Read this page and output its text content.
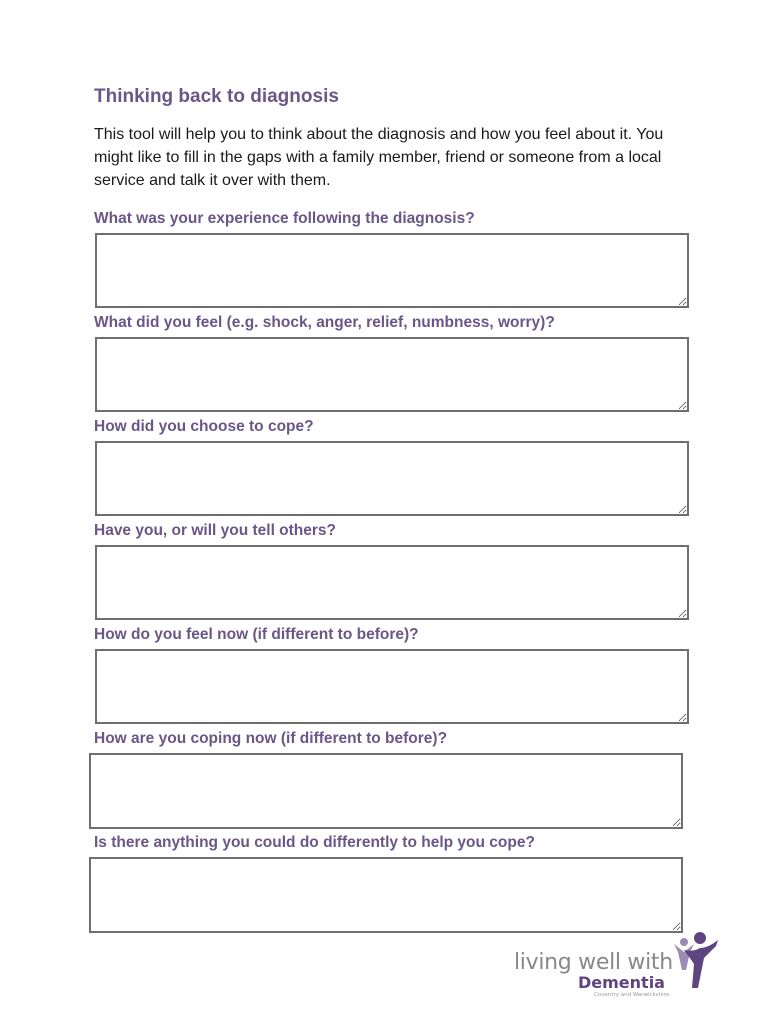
Thinking back to diagnosis

This tool will help you to think about the diagnosis and how you feel about it. You might like to fill in the gaps with a family member, friend or someone from a local service and talk it over with them.

What was your experience following the diagnosis?

What did you feel (e.g. shock, anger, relief, numbness, worry)?

How did you choose to cope?

Have you, or will you tell others?

How do you feel now (if different to before)?

How are you coping now (if different to before)?

Is there anything you could do differently to help you cope?

living well with
Dementia
Coventry and Warwickshire
